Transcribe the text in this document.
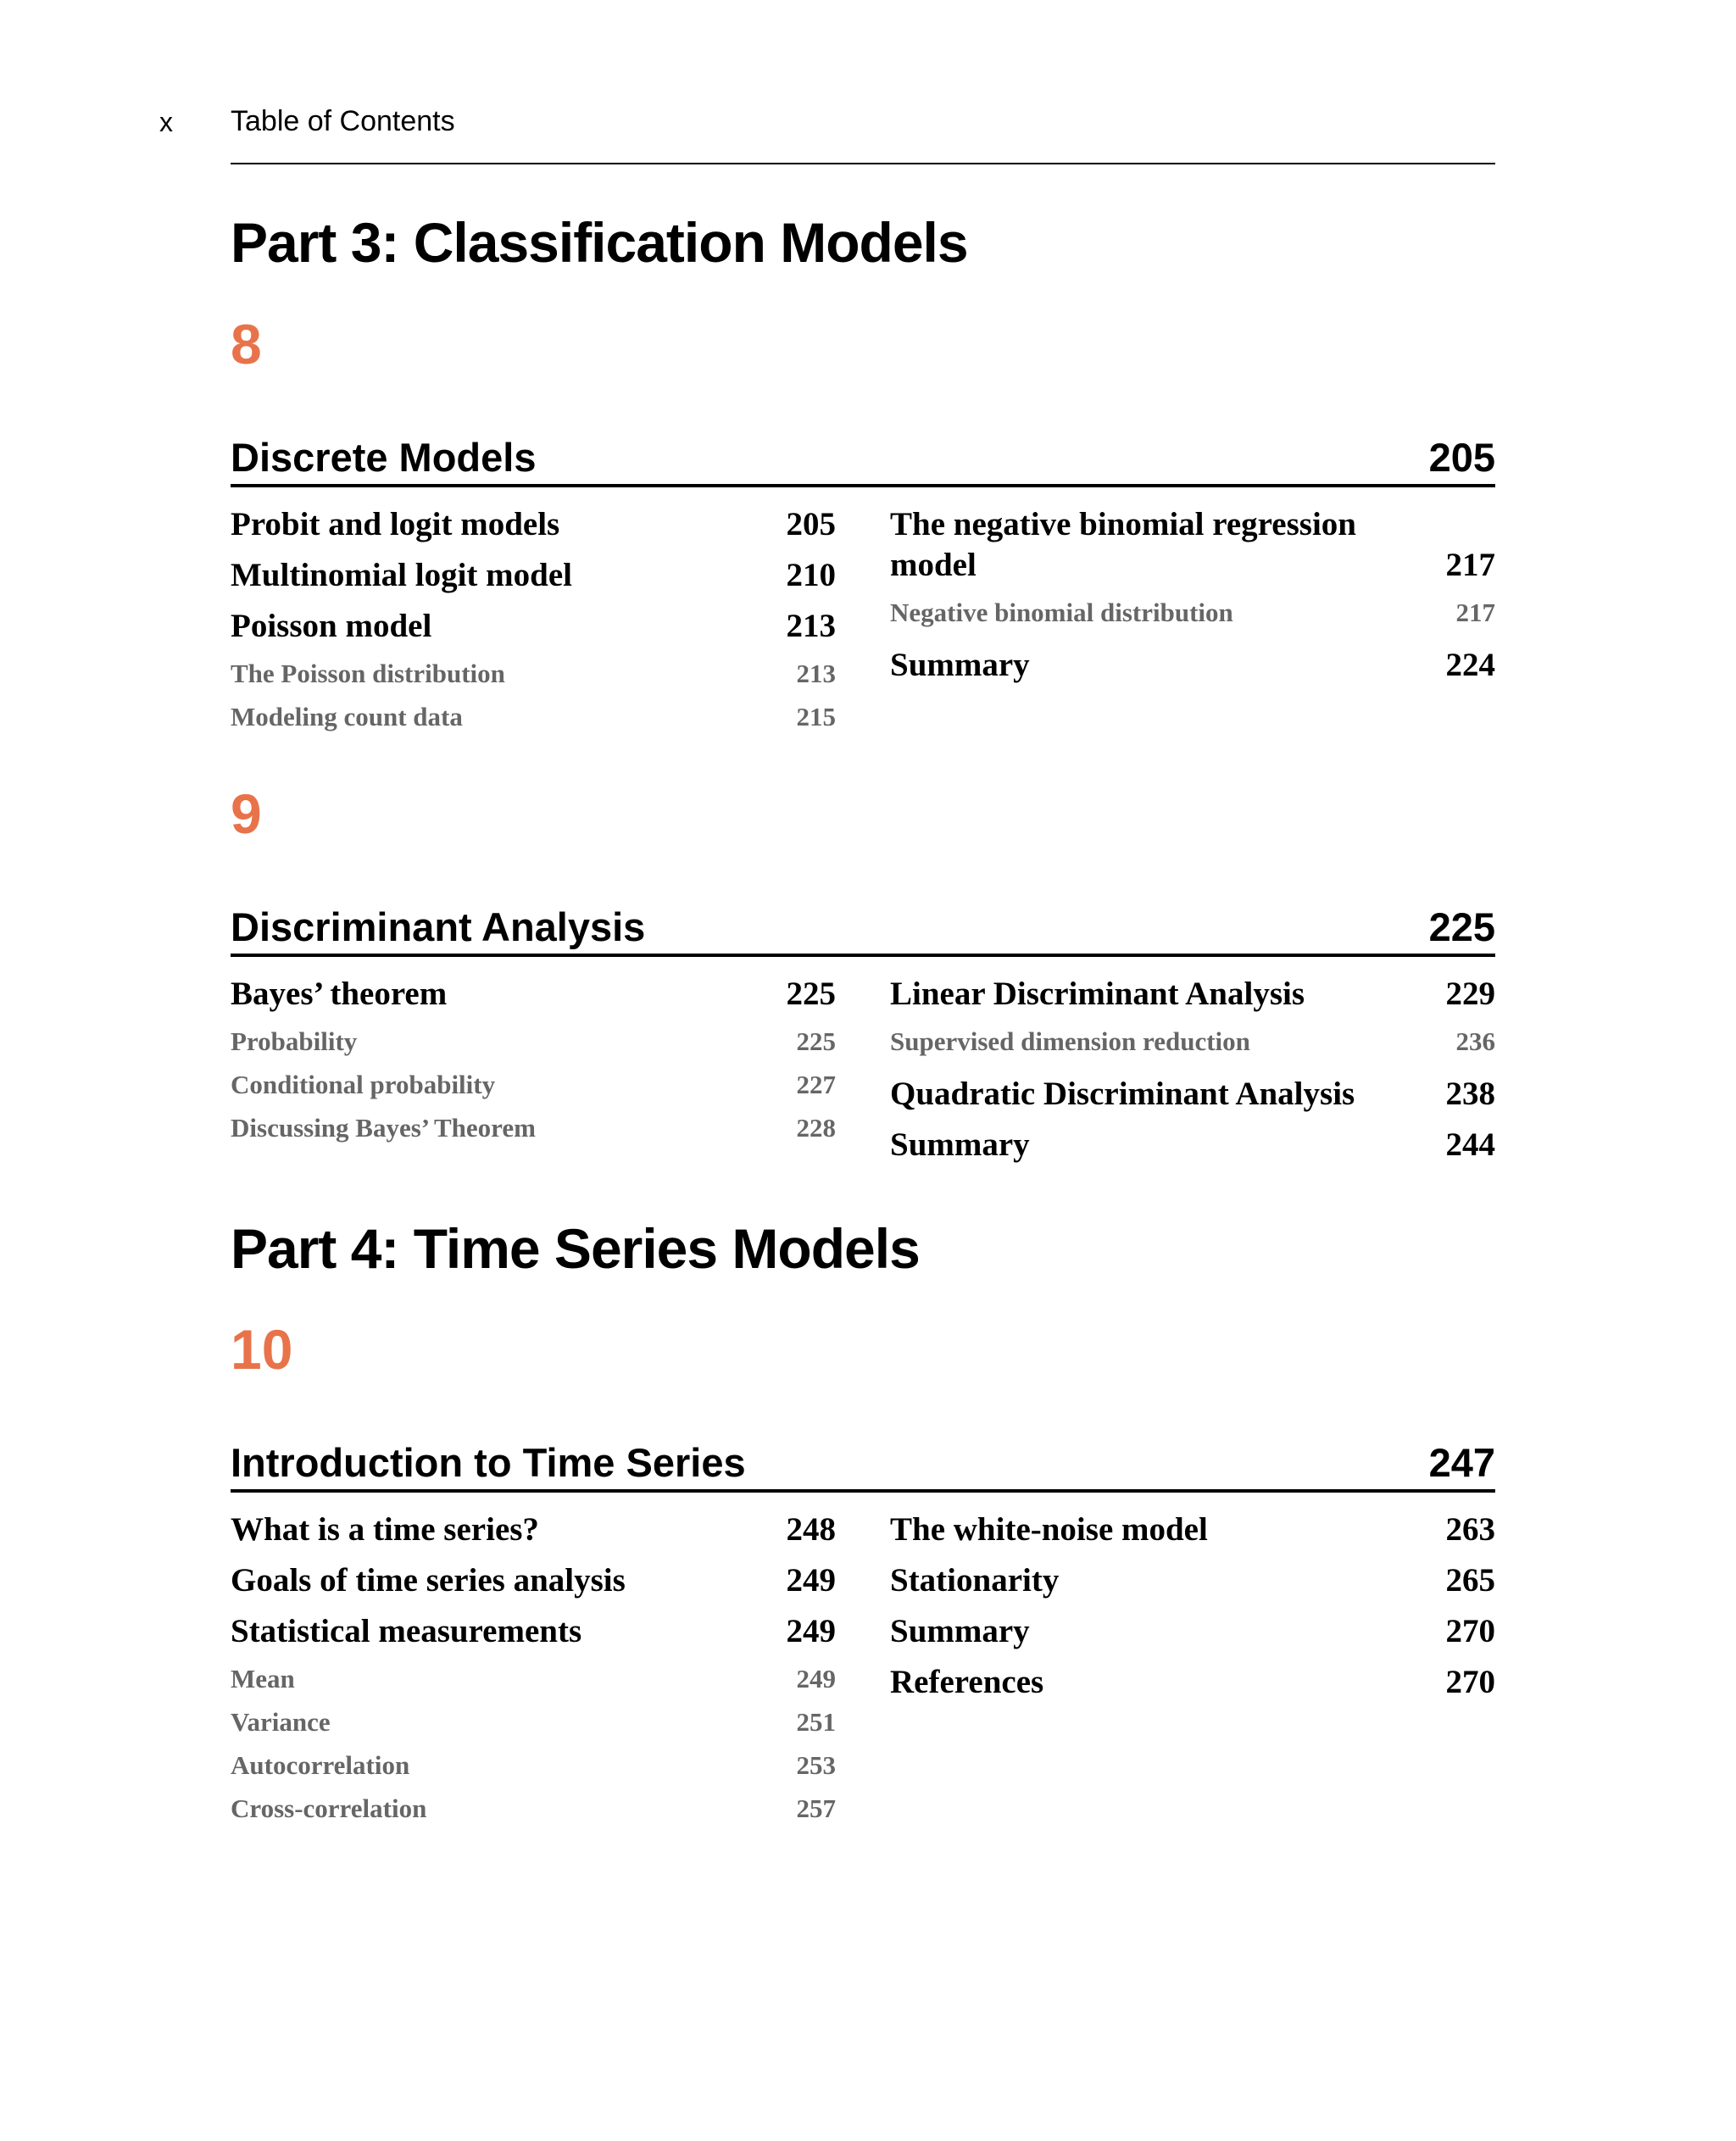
x Table of Contents
Part 3: Classification Models
8
Discrete Models	205
Probit and logit models	205
Multinomial logit model	210
Poisson model	213
The Poisson distribution	213
Modeling count data	215
The negative binomial regression model	217
Negative binomial distribution	217
Summary	224
9
Discriminant Analysis	225
Bayes’ theorem	225
Probability	225
Conditional probability	227
Discussing Bayes’ Theorem	228
Linear Discriminant Analysis	229
Supervised dimension reduction	236
Quadratic Discriminant Analysis	238
Summary	244
Part 4: Time Series Models
10
Introduction to Time Series	247
What is a time series?	248
Goals of time series analysis	249
Statistical measurements	249
Mean	249
Variance	251
Autocorrelation	253
Cross-correlation	257
The white-noise model	263
Stationarity	265
Summary	270
References	270
